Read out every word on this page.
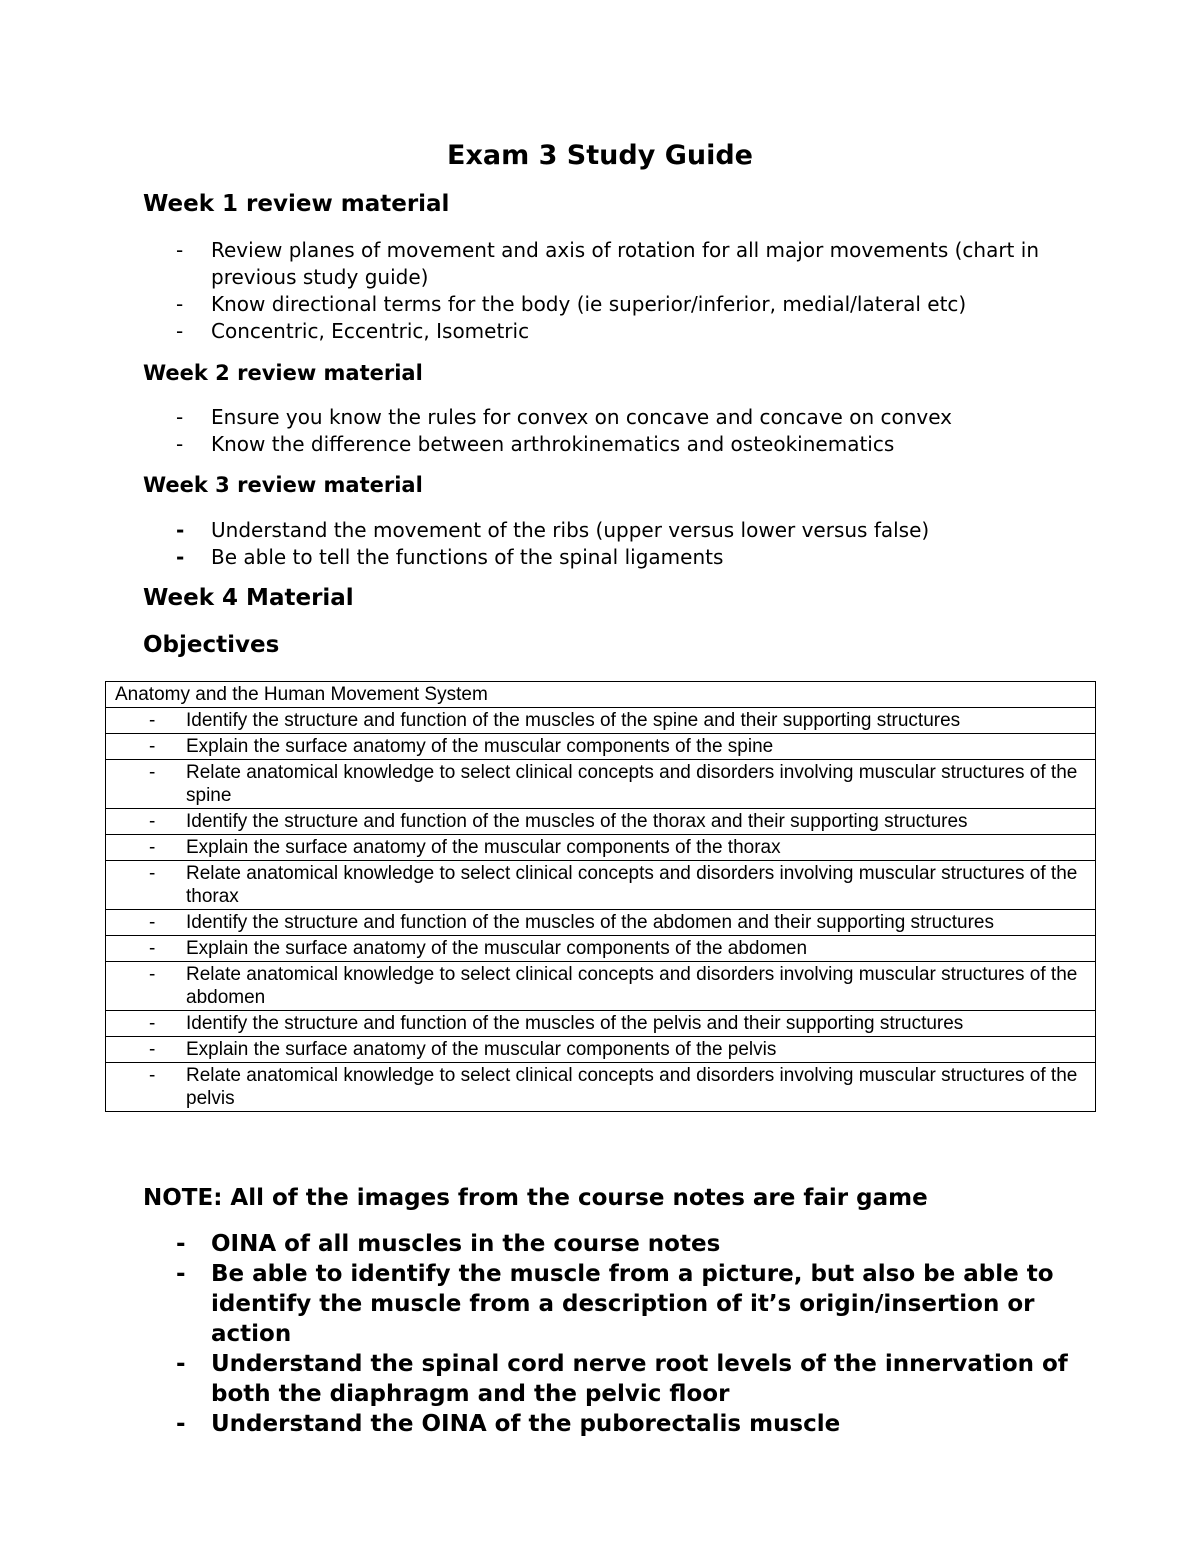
Exam 3 Study Guide
Week 1 review material
- Review planes of movement and axis of rotation for all major movements (chart in previous study guide)
- Know directional terms for the body (ie superior/inferior, medial/lateral etc)
- Concentric, Eccentric, Isometric
Week 2 review material
- Ensure you know the rules for convex on concave and concave on convex
- Know the difference between arthrokinematics and osteokinematics
Week 3 review material
- Understand the movement of the ribs (upper versus lower versus false)
- Be able to tell the functions of the spinal ligaments
Week 4 Material
Objectives
Anatomy and the Human Movement System

- Identify the structure and function of the muscles of the spine and their supporting structures

- Explain the surface anatomy of the muscular components of the spine

- Relate anatomical knowledge to select clinical concepts and disorders involving muscular structures of the spine

- Identify the structure and function of the muscles of the thorax and their supporting structures

- Explain the surface anatomy of the muscular components of the thorax

- Relate anatomical knowledge to select clinical concepts and disorders involving muscular structures of the thorax

- Identify the structure and function of the muscles of the abdomen and their supporting structures

- Explain the surface anatomy of the muscular components of the abdomen

- Relate anatomical knowledge to select clinical concepts and disorders involving muscular structures of the abdomen

- Identify the structure and function of the muscles of the pelvis and their supporting structures

- Explain the surface anatomy of the muscular components of the pelvis

- Relate anatomical knowledge to select clinical concepts and disorders involving muscular structures of the pelvis
NOTE: All of the images from the course notes are fair game
- OINA of all muscles in the course notes
- Be able to identify the muscle from a picture, but also be able to identify the muscle from a description of it’s origin/insertion or action
- Understand the spinal cord nerve root levels of the innervation of both the diaphragm and the pelvic floor
- Understand the OINA of the puborectalis muscle
